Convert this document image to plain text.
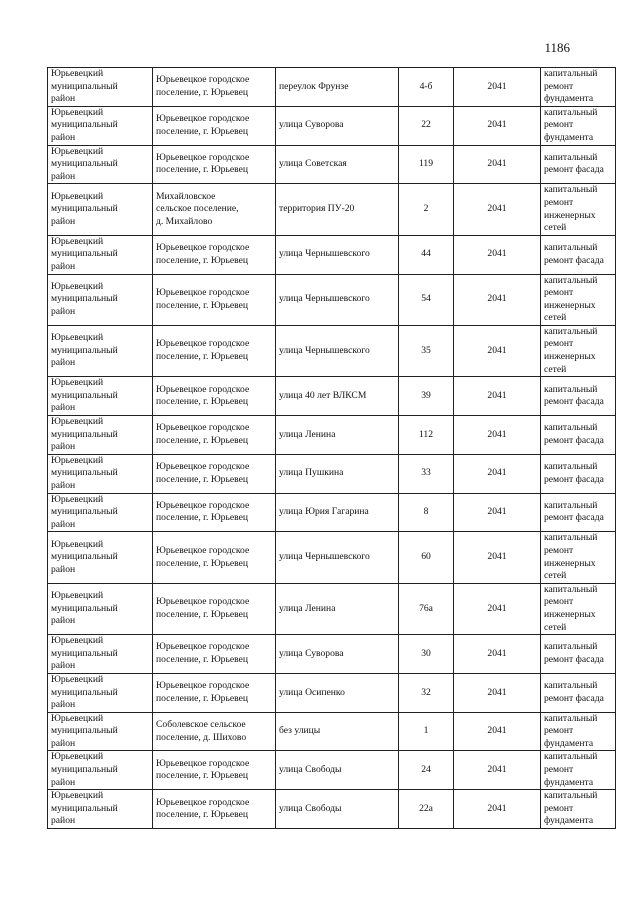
1186
Юрьевецкий
муниципальный
район	Юрьевецкое городское
поселение, г. Юрьевец	переулок Фрунзе	4-б	2041	капитальный
ремонт
фундамента

Юрьевецкий
муниципальный
район	Юрьевецкое городское
поселение, г. Юрьевец	улица Суворова	22	2041	капитальный
ремонт
фундамента

Юрьевецкий
муниципальный
район	Юрьевецкое городское
поселение, г. Юрьевец	улица Советская	119	2041	капитальный
ремонт фасада

Юрьевецкий
муниципальный
район	Михайловское
сельское поселение,
д. Михайлово	территория ПУ-20	2	2041	капитальный
ремонт
инженерных
сетей

Юрьевецкий
муниципальный
район	Юрьевецкое городское
поселение, г. Юрьевец	улица Чернышевского	44	2041	капитальный
ремонт фасада

Юрьевецкий
муниципальный
район	Юрьевецкое городское
поселение, г. Юрьевец	улица Чернышевского	54	2041	капитальный
ремонт
инженерных
сетей

Юрьевецкий
муниципальный
район	Юрьевецкое городское
поселение, г. Юрьевец	улица Чернышевского	35	2041	капитальный
ремонт
инженерных
сетей

Юрьевецкий
муниципальный
район	Юрьевецкое городское
поселение, г. Юрьевец	улица 40 лет ВЛКСМ	39	2041	капитальный
ремонт фасада

Юрьевецкий
муниципальный
район	Юрьевецкое городское
поселение, г. Юрьевец	улица Ленина	112	2041	капитальный
ремонт фасада

Юрьевецкий
муниципальный
район	Юрьевецкое городское
поселение, г. Юрьевец	улица Пушкина	33	2041	капитальный
ремонт фасада

Юрьевецкий
муниципальный
район	Юрьевецкое городское
поселение, г. Юрьевец	улица Юрия Гагарина	8	2041	капитальный
ремонт фасада

Юрьевецкий
муниципальный
район	Юрьевецкое городское
поселение, г. Юрьевец	улица Чернышевского	60	2041	капитальный
ремонт
инженерных
сетей

Юрьевецкий
муниципальный
район	Юрьевецкое городское
поселение, г. Юрьевец	улица Ленина	76а	2041	капитальный
ремонт
инженерных
сетей

Юрьевецкий
муниципальный
район	Юрьевецкое городское
поселение, г. Юрьевец	улица Суворова	30	2041	капитальный
ремонт фасада

Юрьевецкий
муниципальный
район	Юрьевецкое городское
поселение, г. Юрьевец	улица Осипенко	32	2041	капитальный
ремонт фасада

Юрьевецкий
муниципальный
район	Соболевское сельское
поселение, д. Шихово	без улицы	1	2041	капитальный
ремонт
фундамента

Юрьевецкий
муниципальный
район	Юрьевецкое городское
поселение, г. Юрьевец	улица Свободы	24	2041	капитальный
ремонт
фундамента

Юрьевецкий
муниципальный
район	Юрьевецкое городское
поселение, г. Юрьевец	улица Свободы	22а	2041	капитальный
ремонт
фундамента
